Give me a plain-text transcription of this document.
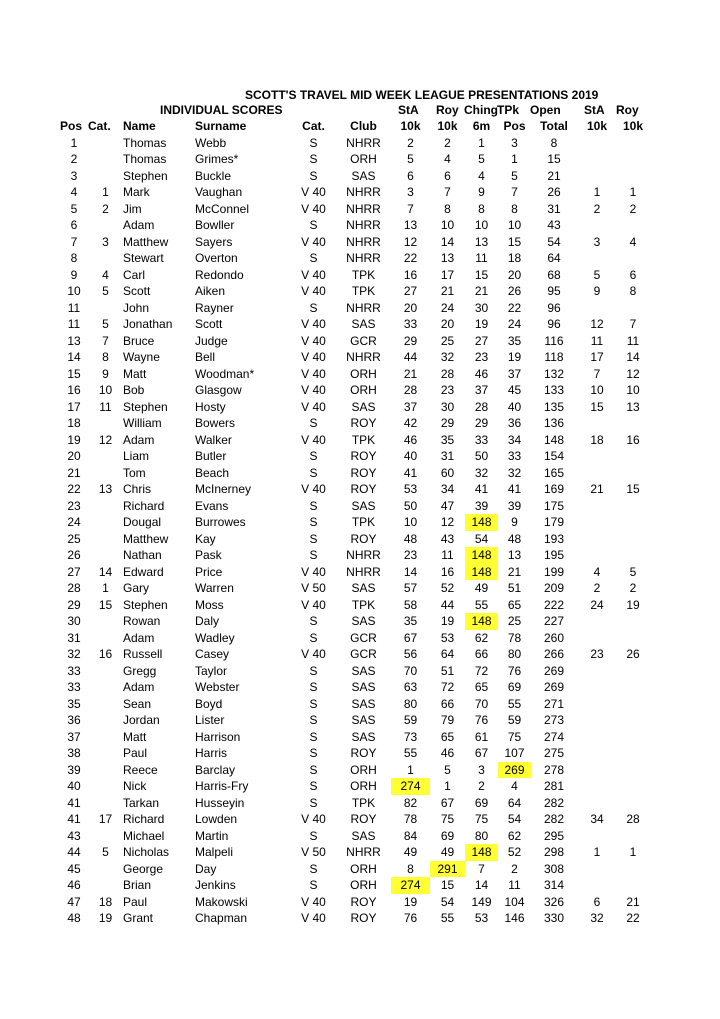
SCOTT'S TRAVEL MID WEEK LEAGUE PRESENTATIONS 2019
INDIVIDUAL SCORES	StA Roy Ching TPk Open StA Roy
Pos	Cat.	Name	Surname	Cat.	Club	10k	10k	6m	Pos	Total	10k	10k
1		Thomas	Webb	S	NHRR	2	2	1	3	8		
2		Thomas	Grimes*	S	ORH	5	4	5	1	15		
3		Stephen	Buckle	S	SAS	6	6	4	5	21		
4	1	Mark	Vaughan	V 40	NHRR	3	7	9	7	26	1	1
5	2	Jim	McConnel	V 40	NHRR	7	8	8	8	31	2	2
6		Adam	Bowller	S	NHRR	13	10	10	10	43		
7	3	Matthew	Sayers	V 40	NHRR	12	14	13	15	54	3	4
8		Stewart	Overton	S	NHRR	22	13	11	18	64		
9	4	Carl	Redondo	V 40	TPK	16	17	15	20	68	5	6
10	5	Scott	Aiken	V 40	TPK	27	21	21	26	95	9	8
11		John	Rayner	S	NHRR	20	24	30	22	96		
11	5	Jonathan	Scott	V 40	SAS	33	20	19	24	96	12	7
13	7	Bruce	Judge	V 40	GCR	29	25	27	35	116	11	11
14	8	Wayne	Bell	V 40	NHRR	44	32	23	19	118	17	14
15	9	Matt	Woodman*	V 40	ORH	21	28	46	37	132	7	12
16	10	Bob	Glasgow	V 40	ORH	28	23	37	45	133	10	10
17	11	Stephen	Hosty	V 40	SAS	37	30	28	40	135	15	13
18		William	Bowers	S	ROY	42	29	29	36	136		
19	12	Adam	Walker	V 40	TPK	46	35	33	34	148	18	16
20		Liam	Butler	S	ROY	40	31	50	33	154		
21		Tom	Beach	S	ROY	41	60	32	32	165		
22	13	Chris	McInerney	V 40	ROY	53	34	41	41	169	21	15
23		Richard	Evans	S	SAS	50	47	39	39	175		
24		Dougal	Burrowes	S	TPK	10	12	148	9	179		
25		Matthew	Kay	S	ROY	48	43	54	48	193		
26		Nathan	Pask	S	NHRR	23	11	148	13	195		
27	14	Edward	Price	V 40	NHRR	14	16	148	21	199	4	5
28	1	Gary	Warren	V 50	SAS	57	52	49	51	209	2	2
29	15	Stephen	Moss	V 40	TPK	58	44	55	65	222	24	19
30		Rowan	Daly	S	SAS	35	19	148	25	227		
31		Adam	Wadley	S	GCR	67	53	62	78	260		
32	16	Russell	Casey	V 40	GCR	56	64	66	80	266	23	26
33		Gregg	Taylor	S	SAS	70	51	72	76	269		
33		Adam	Webster	S	SAS	63	72	65	69	269		
35		Sean	Boyd	S	SAS	80	66	70	55	271		
36		Jordan	Lister	S	SAS	59	79	76	59	273		
37		Matt	Harrison	S	SAS	73	65	61	75	274		
38		Paul	Harris	S	ROY	55	46	67	107	275		
39		Reece	Barclay	S	ORH	1	5	3	269	278		
40		Nick	Harris-Fry	S	ORH	274	1	2	4	281		
41		Tarkan	Husseyin	S	TPK	82	67	69	64	282		
41	17	Richard	Lowden	V 40	ROY	78	75	75	54	282	34	28
43		Michael	Martin	S	SAS	84	69	80	62	295		
44	5	Nicholas	Malpeli	V 50	NHRR	49	49	148	52	298	1	1
45		George	Day	S	ORH	8	291	7	2	308		
46		Brian	Jenkins	S	ORH	274	15	14	11	314		
47	18	Paul	Makowski	V 40	ROY	19	54	149	104	326	6	21
48	19	Grant	Chapman	V 40	ROY	76	55	53	146	330	32	22
